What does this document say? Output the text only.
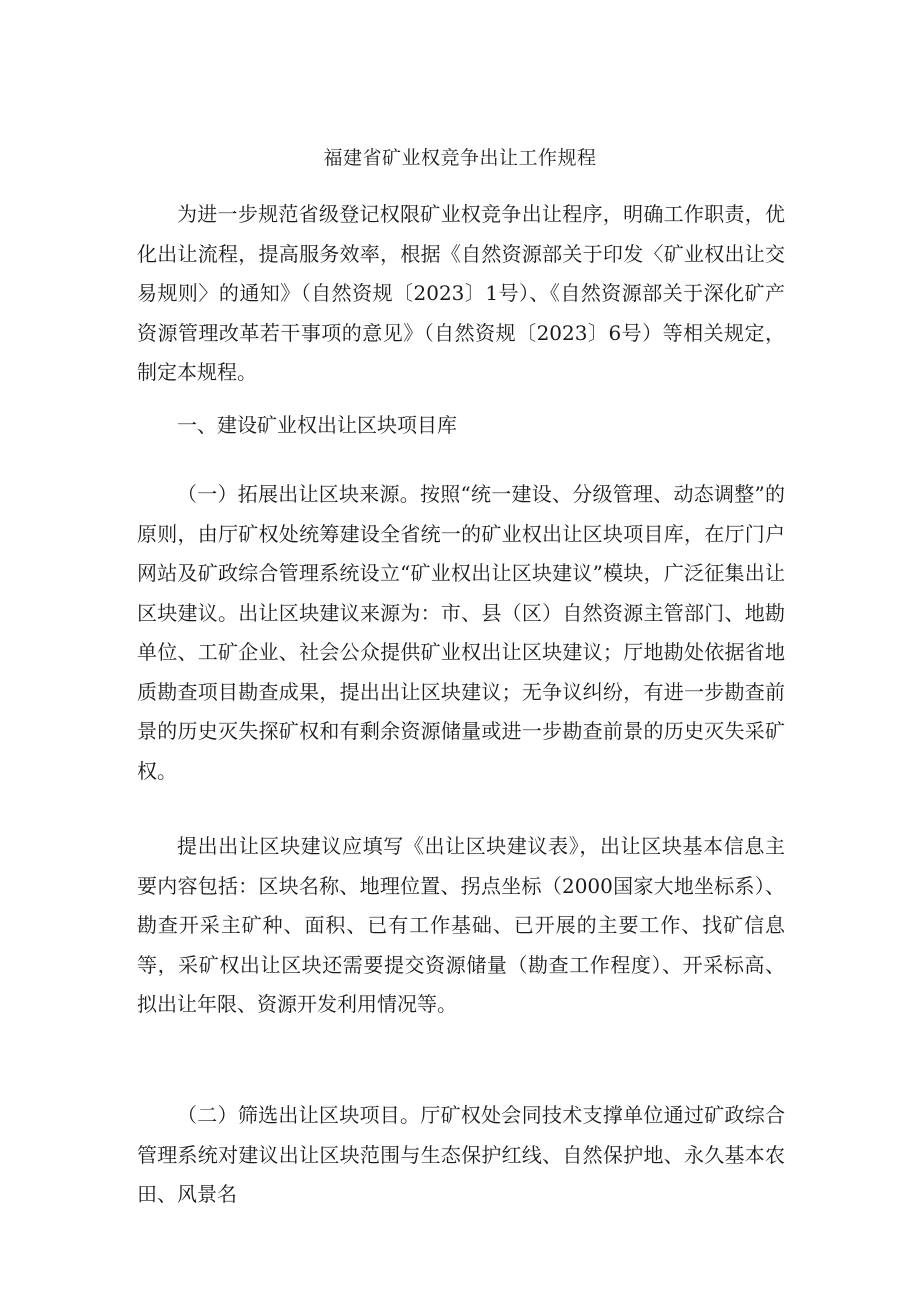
福建省矿业权竞争出让工作规程

为进一步规范省级登记权限矿业权竞争出让程序，明确工作职责，优化出让流程，提高服务效率，根据《自然资源部关于印发〈矿业权出让交易规则〉的通知》（自然资规〔2023〕1号）、《自然资源部关于深化矿产资源管理改革若干事项的意见》（自然资规〔2023〕6号）等相关规定，制定本规程。

一、建设矿业权出让区块项目库

（一）拓展出让区块来源。按照“统一建设、分级管理、动态调整”的原则，由厅矿权处统筹建设全省统一的矿业权出让区块项目库，在厅门户网站及矿政综合管理系统设立“矿业权出让区块建议”模块，广泛征集出让区块建议。出让区块建议来源为：市、县（区）自然资源主管部门、地勘单位、工矿企业、社会公众提供矿业权出让区块建议；厅地勘处依据省地质勘查项目勘查成果，提出出让区块建议；无争议纠纷，有进一步勘查前景的历史灭失探矿权和有剩余资源储量或进一步勘查前景的历史灭失采矿权。

提出出让区块建议应填写《出让区块建议表》，出让区块基本信息主要内容包括：区块名称、地理位置、拐点坐标（2000国家大地坐标系）、勘查开采主矿种、面积、已有工作基础、已开展的主要工作、找矿信息等，采矿权出让区块还需要提交资源储量（勘查工作程度）、开采标高、拟出让年限、资源开发利用情况等。

（二）筛选出让区块项目。厅矿权处会同技术支撑单位通过矿政综合管理系统对建议出让区块范围与生态保护红线、自然保护地、永久基本农田、风景名
